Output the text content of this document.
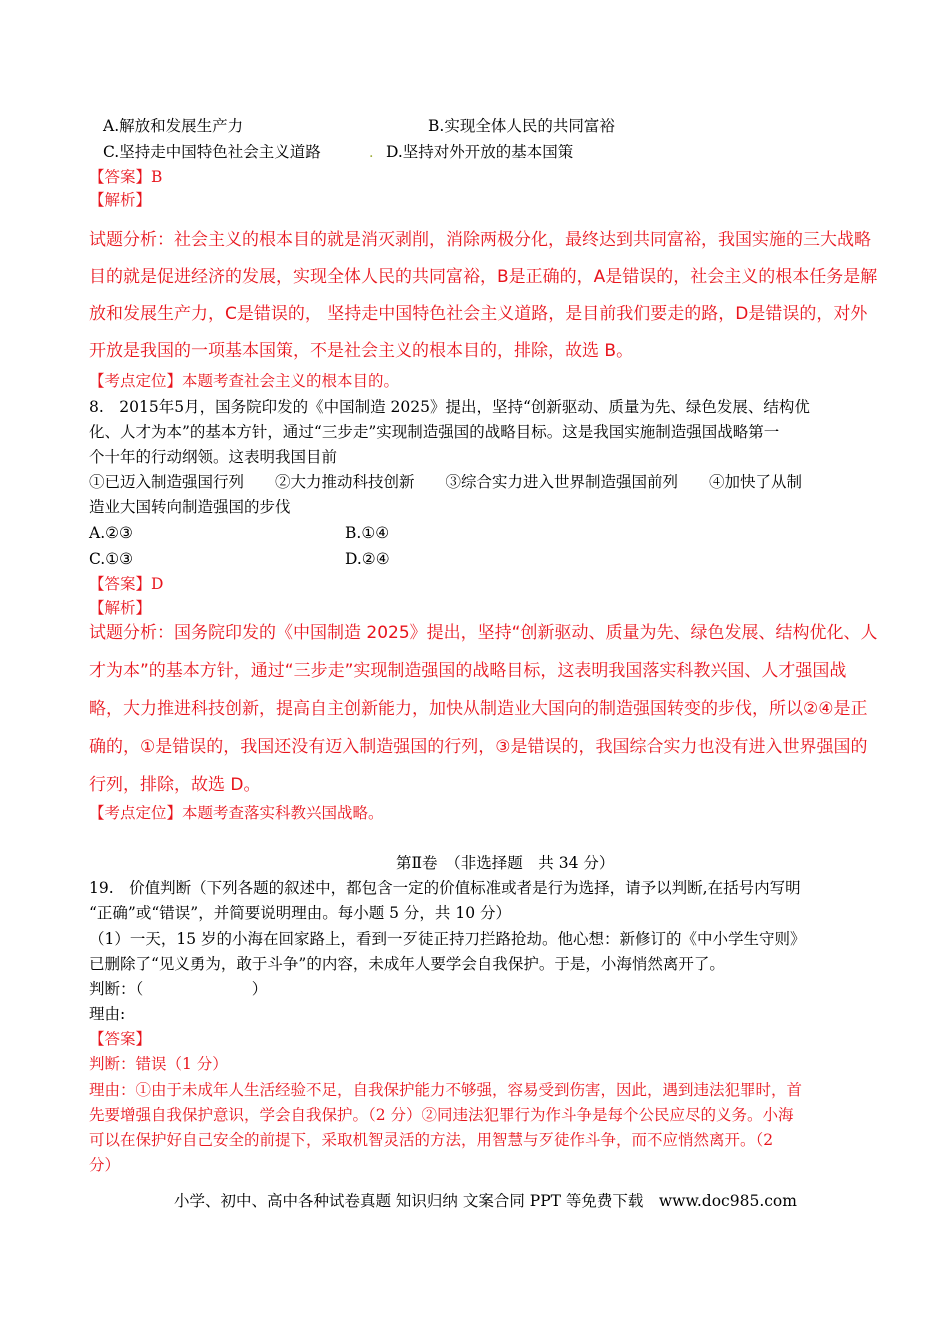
A.解放和发展生产力	B.实现全体人民的共同富裕
C.坚持走中国特色社会主义道路	. D.坚持对外开放的基本国策
【答案】B
【解析】
试题分析：社会主义的根本目的就是消灭剥削，消除两极分化，最终达到共同富裕，我国实施的三大战略
目的就是促进经济的发展，实现全体人民的共同富裕，B是正确的，A是错误的，社会主义的根本任务是解
放和发展生产力，C是错误的， 坚持走中国特色社会主义道路，是目前我们要走的路，D是错误的，对外
开放是我国的一项基本国策，不是社会主义的根本目的，排除，故选 B。
【考点定位】本题考查社会主义的根本目的。
8.　2015年5月，国务院印发的《中国制造 2025》提出，坚持“创新驱动、质量为先、绿色发展、结构优
化、人才为本”的基本方针，通过“三步走”实现制造强国的战略目标。这是我国实施制造强国战略第一
个十年的行动纲领。这表明我国目前
①已迈入制造强国行列　　②大力推动科技创新　　③综合实力进入世界制造强国前列　　④加快了从制
造业大国转向制造强国的步伐
A.②③	B.①④
C.①③	D.②④
【答案】D
【解析】
试题分析：国务院印发的《中国制造 2025》提出，坚持“创新驱动、质量为先、绿色发展、结构优化、人
才为本”的基本方针，通过“三步走”实现制造强国的战略目标，这表明我国落实科教兴国、人才强国战
略，大力推进科技创新，提高自主创新能力，加快从制造业大国向的制造强国转变的步伐，所以②④是正
确的，①是错误的，我国还没有迈入制造强国的行列，③是错误的，我国综合实力也没有进入世界强国的
行列，排除，故选 D。
【考点定位】本题考查落实科教兴国战略。
第Ⅱ卷　（非选择题　共 34 分）
19.　价值判断（下列各题的叙述中，都包含一定的价值标准或者是行为选择，请予以判断,在括号内写明
“正确”或“错误”，并简要说明理由。每小题 5 分，共 10 分）
（1）一天，15 岁的小海在回家路上，看到一歹徒正持刀拦路抢劫。他心想：新修订的《中小学生守则》
已删除了“见义勇为，敢于斗争”的内容，未成年人要学会自我保护。于是，小海悄然离开了。
判断：（　　　　　　　）
理由:
【答案】
判断：错误（1 分）
理由：①由于未成年人生活经验不足，自我保护能力不够强，容易受到伤害，因此，遇到违法犯罪时，首
先要增强自我保护意识，学会自我保护。（2 分）②同违法犯罪行为作斗争是每个公民应尽的义务。小海
可以在保护好自己安全的前提下，采取机智灵活的方法，用智慧与歹徒作斗争，而不应悄然离开。（2
分）
小学、初中、高中各种试卷真题 知识归纳 文案合同 PPT 等免费下载　www.doc985.com
